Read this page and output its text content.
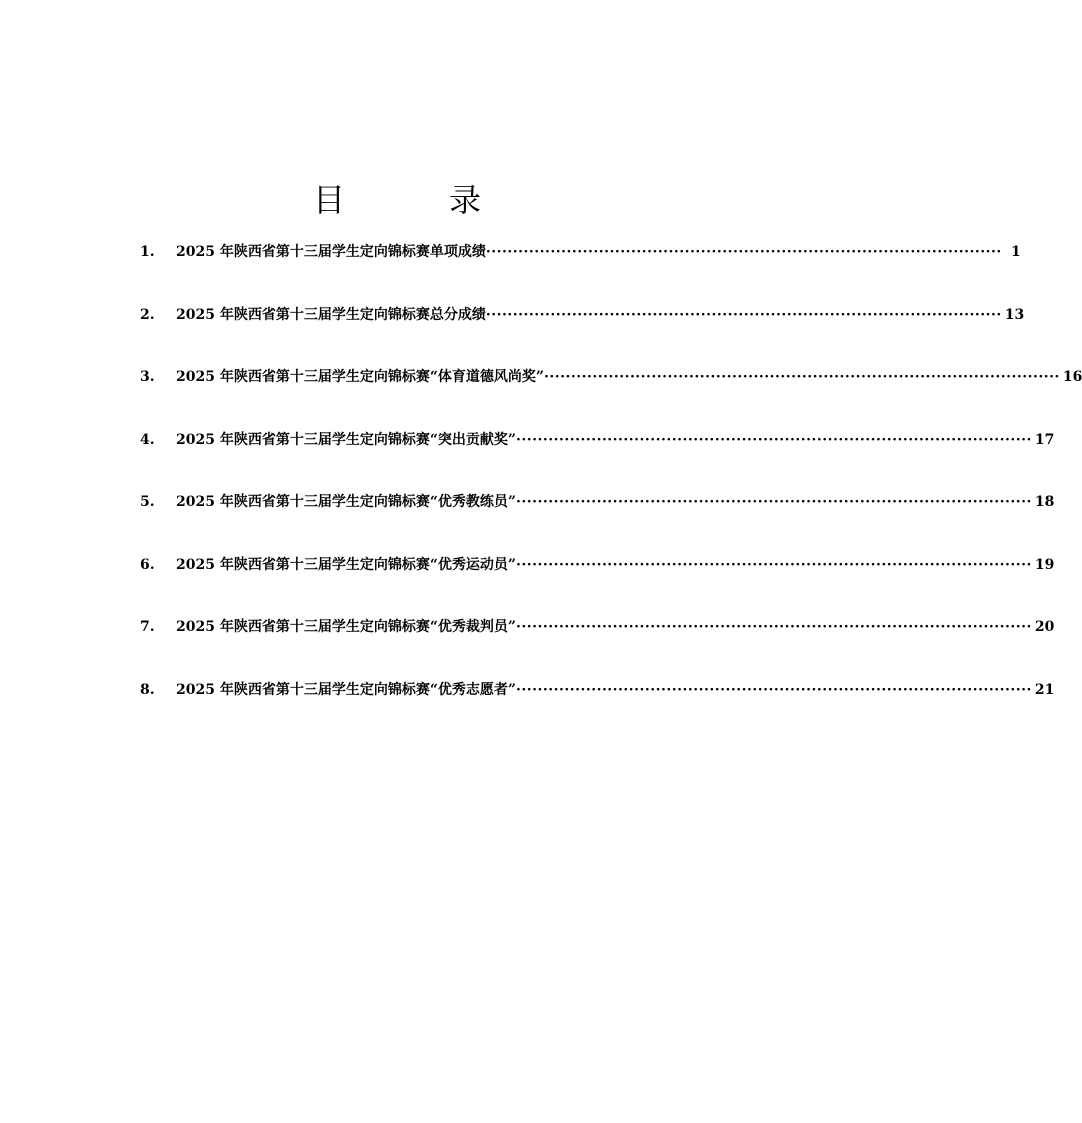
目　录
1.	2025 年陕西省第十三届学生定向锦标赛单项成绩 ·····	1
2.	2025 年陕西省第十三届学生定向锦标赛总分成绩 ·····	13
3.	2025 年陕西省第十三届学生定向锦标赛“体育道德风尚奖” ·····	16
4.	2025 年陕西省第十三届学生定向锦标赛“突出贡献奖” ·····	17
5.	2025 年陕西省第十三届学生定向锦标赛“优秀教练员” ·····	18
6.	2025 年陕西省第十三届学生定向锦标赛“优秀运动员” ·····	19
7.	2025 年陕西省第十三届学生定向锦标赛“优秀裁判员” ·····	20
8.	2025 年陕西省第十三届学生定向锦标赛“优秀志愿者” ·····	21
